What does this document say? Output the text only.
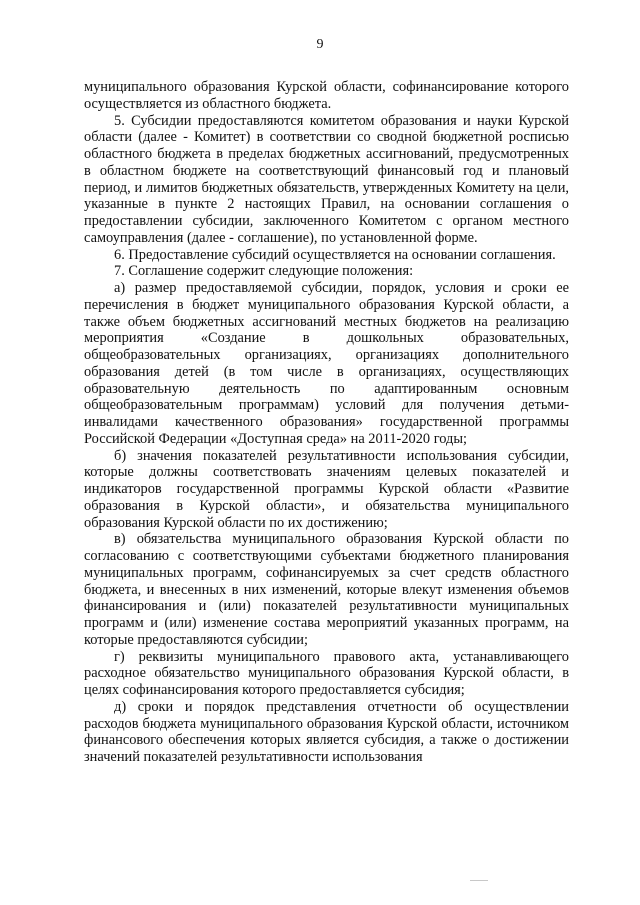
9

муниципального образования Курской области, софинансирование которого осуществляется из областного бюджета.

5. Субсидии предоставляются комитетом образования и науки Курской области (далее - Комитет) в соответствии со сводной бюджетной росписью областного бюджета в пределах бюджетных ассигнований, предусмотренных в областном бюджете на соответствующий финансовый год и плановый период, и лимитов бюджетных обязательств, утвержденных Комитету на цели, указанные в пункте 2 настоящих Правил, на основании соглашения о предоставлении субсидии, заключенного Комитетом с органом местного самоуправления (далее - соглашение), по установленной форме.

6. Предоставление субсидий осуществляется на основании соглашения.

7. Соглашение содержит следующие положения:

а) размер предоставляемой субсидии, порядок, условия и сроки ее перечисления в бюджет муниципального образования Курской области, а также объем бюджетных ассигнований местных бюджетов на реализацию мероприятия «Создание в дошкольных образовательных, общеобразовательных организациях, организациях дополнительного образования детей (в том числе в организациях, осуществляющих образовательную деятельность по адаптированным основным общеобразовательным программам) условий для получения детьми-инвалидами качественного образования» государственной программы Российской Федерации «Доступная среда» на 2011-2020 годы;

б) значения показателей результативности использования субсидии, которые должны соответствовать значениям целевых показателей и индикаторов государственной программы Курской области «Развитие образования в Курской области», и обязательства муниципального образования Курской области по их достижению;

в) обязательства муниципального образования Курской области по согласованию с соответствующими субъектами бюджетного планирования муниципальных программ, софинансируемых за счет средств областного бюджета, и внесенных в них изменений, которые влекут изменения объемов финансирования и (или) показателей результативности муниципальных программ и (или) изменение состава мероприятий указанных программ, на которые предоставляются субсидии;

г) реквизиты муниципального правового акта, устанавливающего расходное обязательство муниципального образования Курской области, в целях софинансирования которого предоставляется субсидия;

д) сроки и порядок представления отчетности об осуществлении расходов бюджета муниципального образования Курской области, источником финансового обеспечения которых является субсидия, а также о достижении значений показателей результативности использования
